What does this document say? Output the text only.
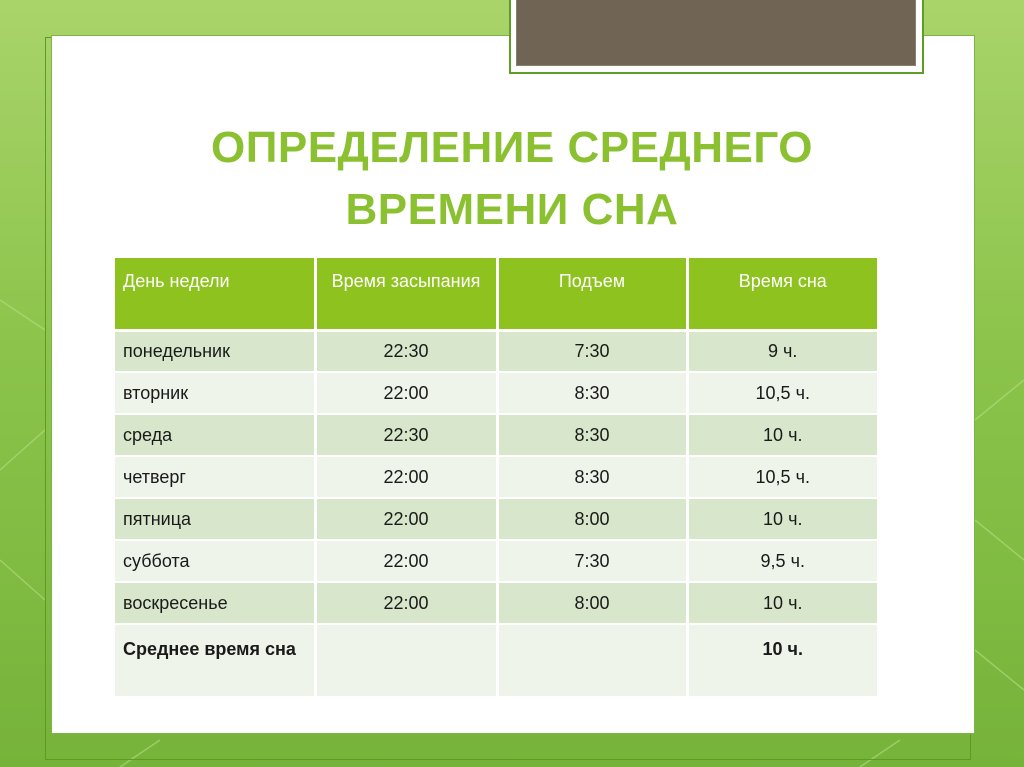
ОПРЕДЕЛЕНИЕ СРЕДНЕГО
ВРЕМЕНИ СНА
День недели	Время засыпания	Подъем	Время сна
понедельник	22:30	7:30	9 ч.
вторник	22:00	8:30	10,5 ч.
среда	22:30	8:30	10 ч.
четверг	22:00	8:30	10,5 ч.
пятница	22:00	8:00	10 ч.
суббота	22:00	7:30	9,5 ч.
воскресенье	22:00	8:00	10 ч.
Среднее время сна			10 ч.
